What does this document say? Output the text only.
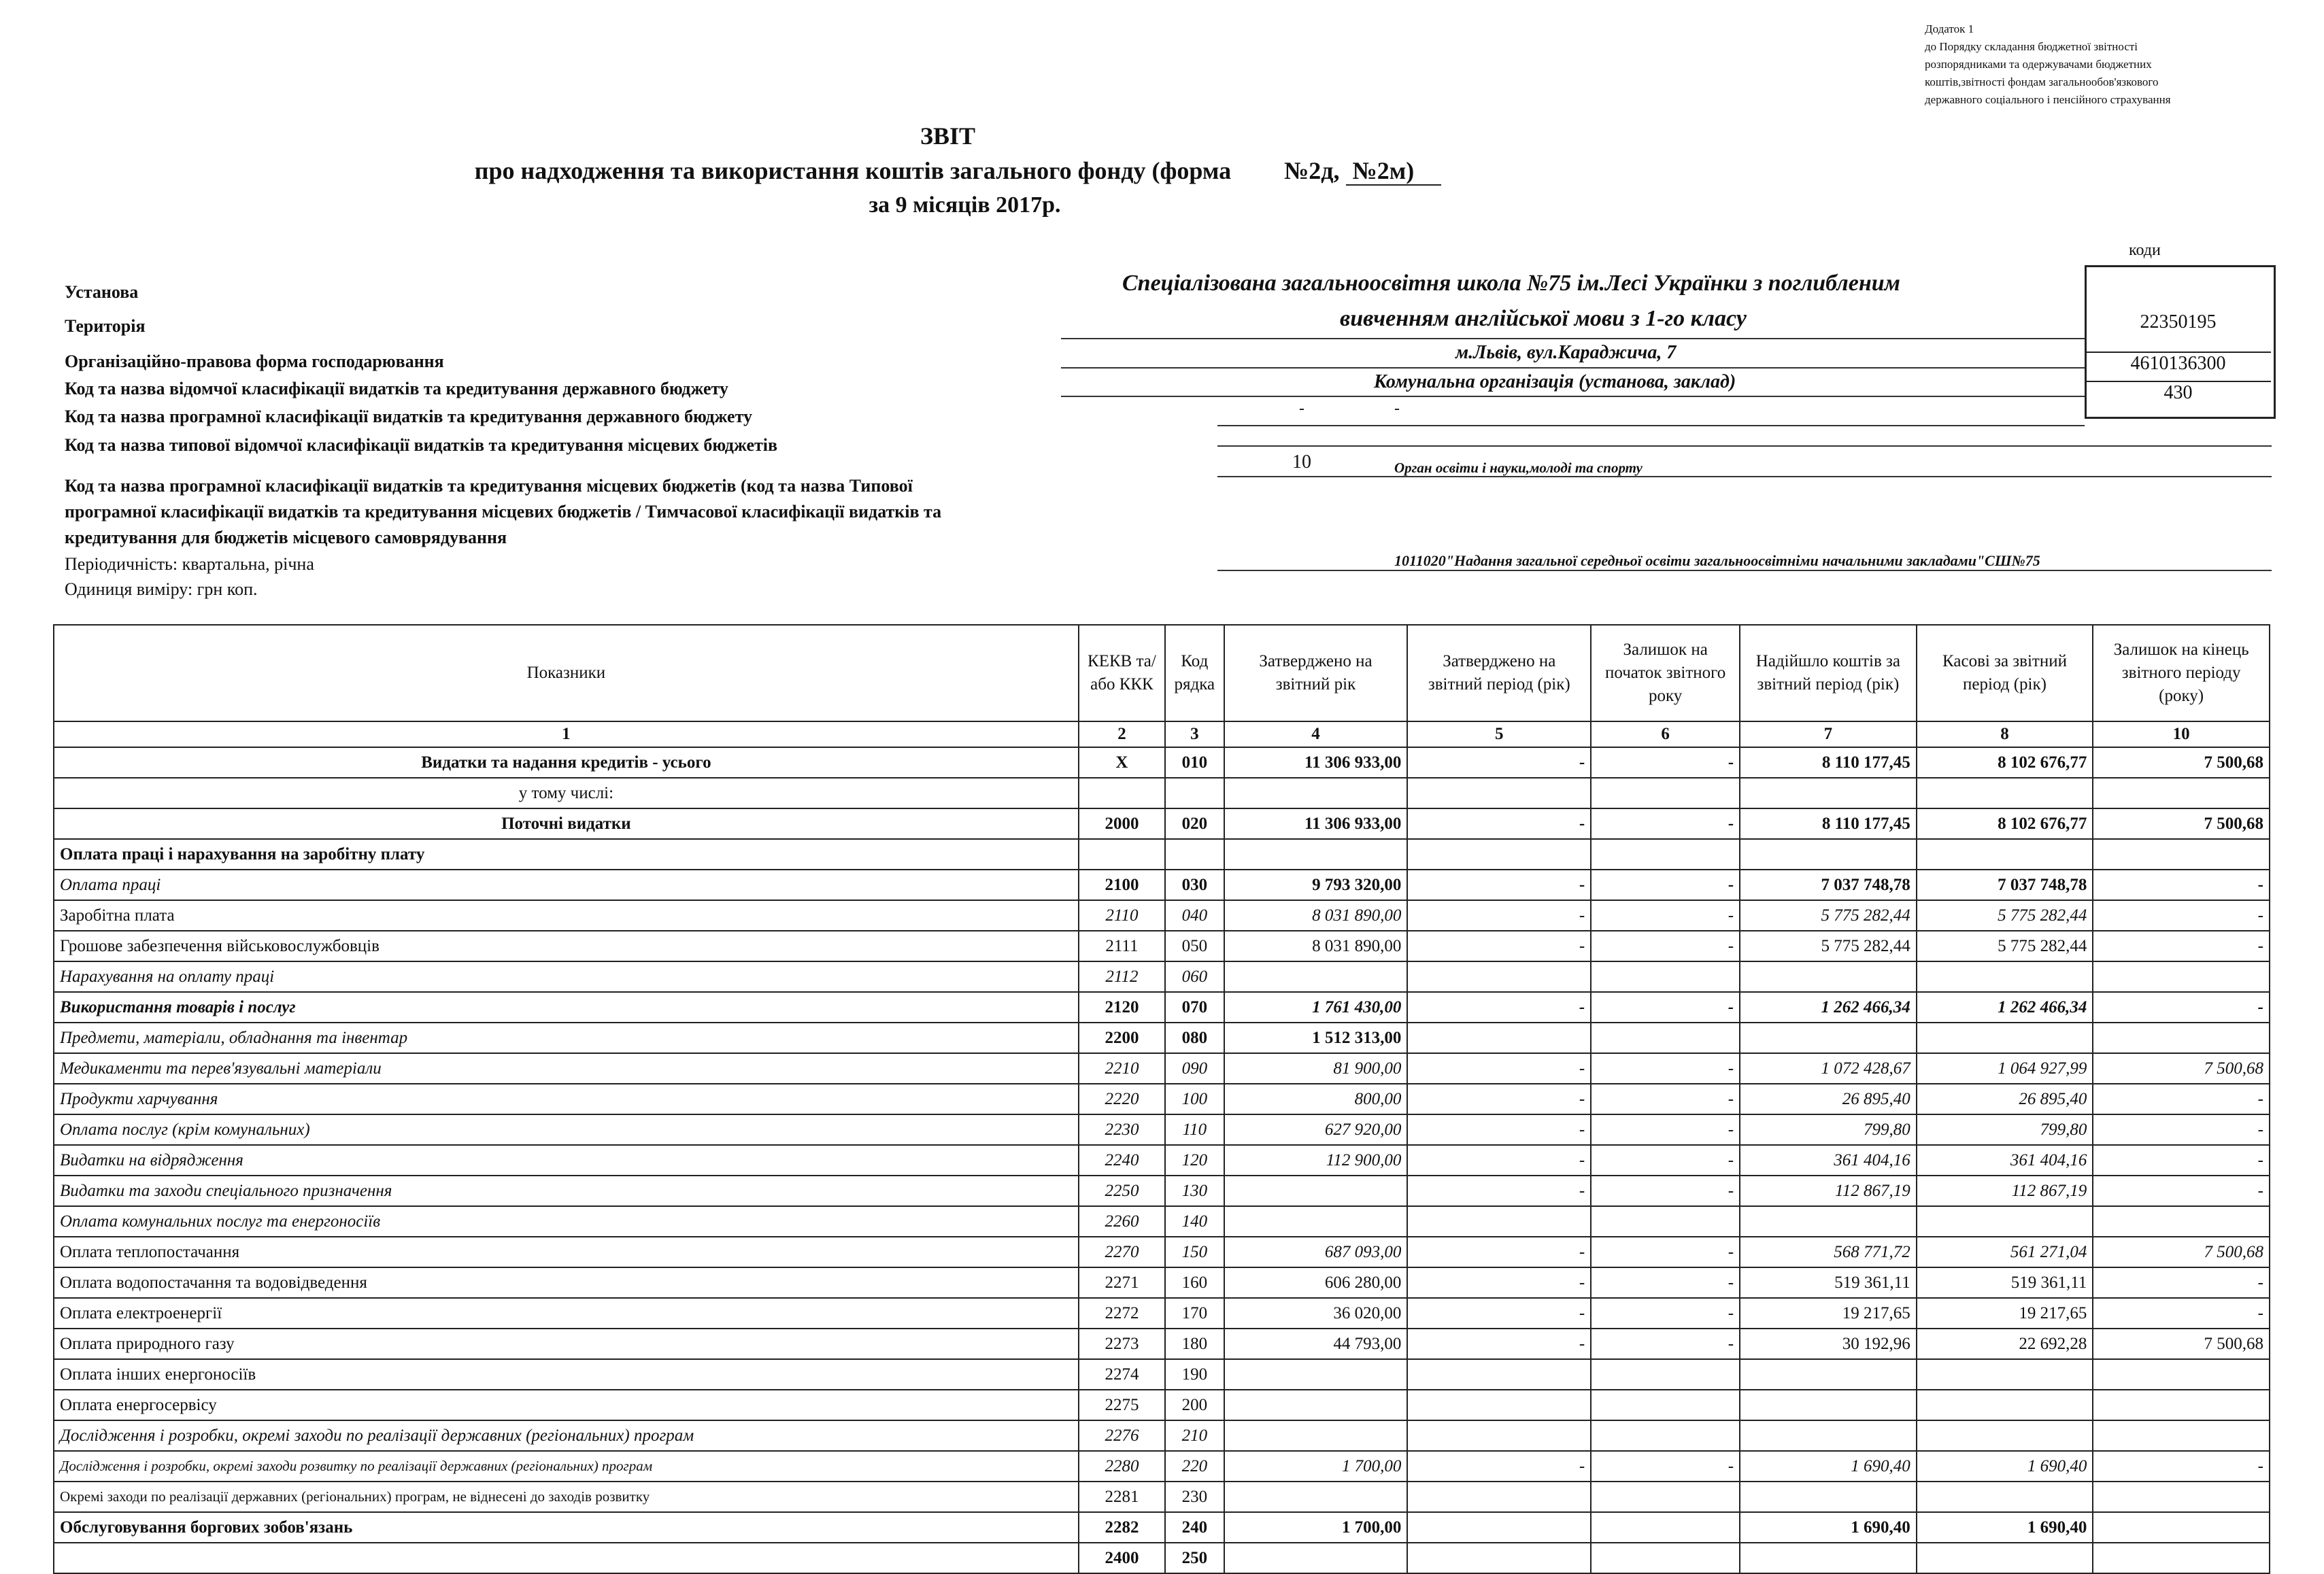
Додаток 1
до Порядку складання бюджетної звітності
розпорядниками та одержувачами бюджетних
коштів,звітності фондам загальнообов'язкового
державного соціального і пенсійного страхування
ЗВІТ
про надходження та використання коштів загального фонду (форма №2д, №2м)
за 9 місяців 2017р.
коди
22350195
4610136300
430
Установа
Територія
Організаційно-правова форма господарювання
Код та назва відомчої класифікації видатків та кредитування державного бюджету
Код та назва програмної класифікації видатків та кредитування державного бюджету
Код та назва типової відомчої класифікації видатків та кредитування місцевих бюджетів
Код та назва програмної класифікації видатків та кредитування місцевих бюджетів (код та назва Типової
програмної класифікації видатків та кредитування місцевих бюджетів / Тимчасової класифікації видатків та
кредитування для бюджетів місцевого самоврядування
Періодичність: квартальна, річна
Одиниця виміру: грн коп.
Спеціалізована загальноосвітня школа №75 ім.Лесі Українки з поглибленим
вивченням англійської мови з 1-го класу
м.Львів, вул.Караджича, 7
Комунальна організація (установа, заклад)
-	-
10	Орган освіти і науки,молоді та спорту
1011020"Надання загальної середньої освіти загальноосвітніми начальними закладами"СШ№75
Показники	КЕКВ та/або ККК	Код рядка	Затверджено на звітний рік	Затверджено на звітний період (рік)	Залишок на початок звітного року	Надійшло коштів за звітний період (рік)	Касові за звітний період (рік)	Залишок на кінець звітного періоду (року)
1	2	3	4	5	6	7	8	10
Видатки та надання кредитів - усього	X	010	11 306 933,00	-	-	8 110 177,45	8 102 676,77	7 500,68
у тому числі:								
Поточні видатки	2000	020	11 306 933,00	-	-	8 110 177,45	8 102 676,77	7 500,68
Оплата праці і нарахування на заробітну плату								
Оплата праці	2100	030	9 793 320,00	-	-	7 037 748,78	7 037 748,78	-
Заробітна плата	2110	040	8 031 890,00	-	-	5 775 282,44	5 775 282,44	-
Грошове забезпечення військовослужбовців	2111	050	8 031 890,00	-	-	5 775 282,44	5 775 282,44	-
Нарахування на оплату праці	2112	060						
Використання товарів і послуг	2120	070	1 761 430,00	-	-	1 262 466,34	1 262 466,34	-
Предмети, матеріали, обладнання та інвентар	2200	080	1 512 313,00					
Медикаменти та перев'язувальні матеріали	2210	090	81 900,00	-	-	1 072 428,67	1 064 927,99	7 500,68
Продукти харчування	2220	100	800,00	-	-	26 895,40	26 895,40	-
Оплата послуг (крім комунальних)	2230	110	627 920,00	-	-	799,80	799,80	-
Видатки на відрядження	2240	120	112 900,00	-	-	361 404,16	361 404,16	-
Видатки та заходи спеціального призначення	2250	130		-	-	112 867,19	112 867,19	-
Оплата комунальних послуг та енергоносіїв	2260	140						
Оплата теплопостачання	2270	150	687 093,00	-	-	568 771,72	561 271,04	7 500,68
Оплата водопостачання та водовідведення	2271	160	606 280,00	-	-	519 361,11	519 361,11	-
Оплата електроенергії	2272	170	36 020,00	-	-	19 217,65	19 217,65	-
Оплата природного газу	2273	180	44 793,00	-	-	30 192,96	22 692,28	7 500,68
Оплата інших енергоносіїв	2274	190						
Оплата енергосервісу	2275	200						
Дослідження і розробки, окремі заходи по реалізації державних (регіональних) програм	2276	210						
Дослідження і розробки, окремі заходи розвитку по реалізації державних (регіональних) програм	2280	220	1 700,00	-	-	1 690,40	1 690,40	-
Окремі заходи по реалізації державних (регіональних) програм, не віднесені до заходів розвитку	2281	230						
Обслуговування боргових зобов'язань	2282	240	1 700,00			1 690,40	1 690,40	
	2400	250						
